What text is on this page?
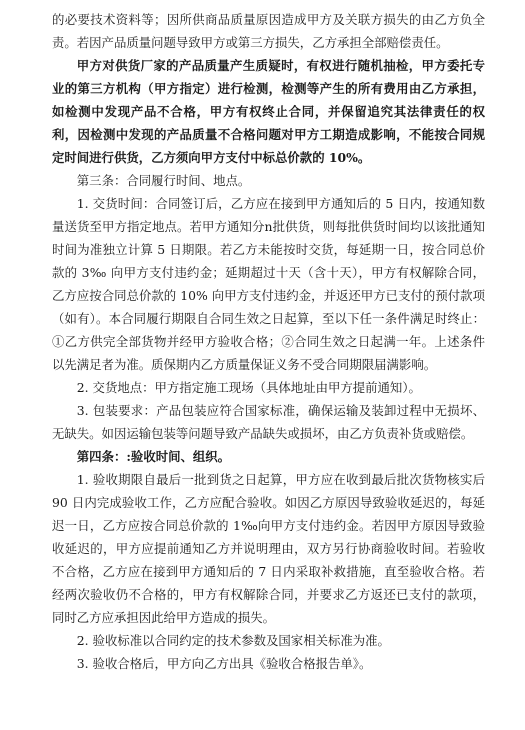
的必要技术资料等；因所供商品质量原因造成甲方及关联方损失的由乙方负全责。若因产品质量问题导致甲方或第三方损失，乙方承担全部赔偿责任。

甲方对供货厂家的产品质量产生质疑时，有权进行随机抽检，甲方委托专业的第三方机构（甲方指定）进行检测，检测等产生的所有费用由乙方承担，如检测中发现产品不合格，甲方有权终止合同，并保留追究其法律责任的权利，因检测中发现的产品质量不合格问题对甲方工期造成影响，不能按合同规定时间进行供货，乙方须向甲方支付中标总价款的 10%。

第三条：合同履行时间、地点。

1. 交货时间：合同签订后，乙方应在接到甲方通知后的 5 日内，按通知数量送货至甲方指定地点。若甲方通知分n批供货，则每批供货时间均以该批通知时间为准独立计算 5 日期限。若乙方未能按时交货，每延期一日，按合同总价款的 3‰ 向甲方支付违约金；延期超过十天（含十天），甲方有权解除合同，乙方应按合同总价款的 10% 向甲方支付违约金，并返还甲方已支付的预付款项（如有）。本合同履行期限自合同生效之日起算，至以下任一条件满足时终止：①乙方供完全部货物并经甲方验收合格；②合同生效之日起满一年。上述条件以先满足者为准。质保期内乙方质量保证义务不受合同期限届满影响。

2. 交货地点：甲方指定施工现场（具体地址由甲方提前通知）。

3. 包装要求：产品包装应符合国家标准，确保运输及装卸过程中无损坏、无缺失。如因运输包装等问题导致产品缺失或损坏，由乙方负责补货或赔偿。

第四条：:验收时间、组织。

1. 验收期限自最后一批到货之日起算，甲方应在收到最后批次货物核实后 90 日内完成验收工作，乙方应配合验收。如因乙方原因导致验收延迟的，每延迟一日，乙方应按合同总价款的 1‰向甲方支付违约金。若因甲方原因导致验收延迟的，甲方应提前通知乙方并说明理由，双方另行协商验收时间。若验收不合格，乙方应在接到甲方通知后的 7 日内采取补救措施，直至验收合格。若经两次验收仍不合格的，甲方有权解除合同，并要求乙方返还已支付的款项，同时乙方应承担因此给甲方造成的损失。

2. 验收标准以合同约定的技术参数及国家相关标准为准。

3. 验收合格后，甲方向乙方出具《验收合格报告单》。
